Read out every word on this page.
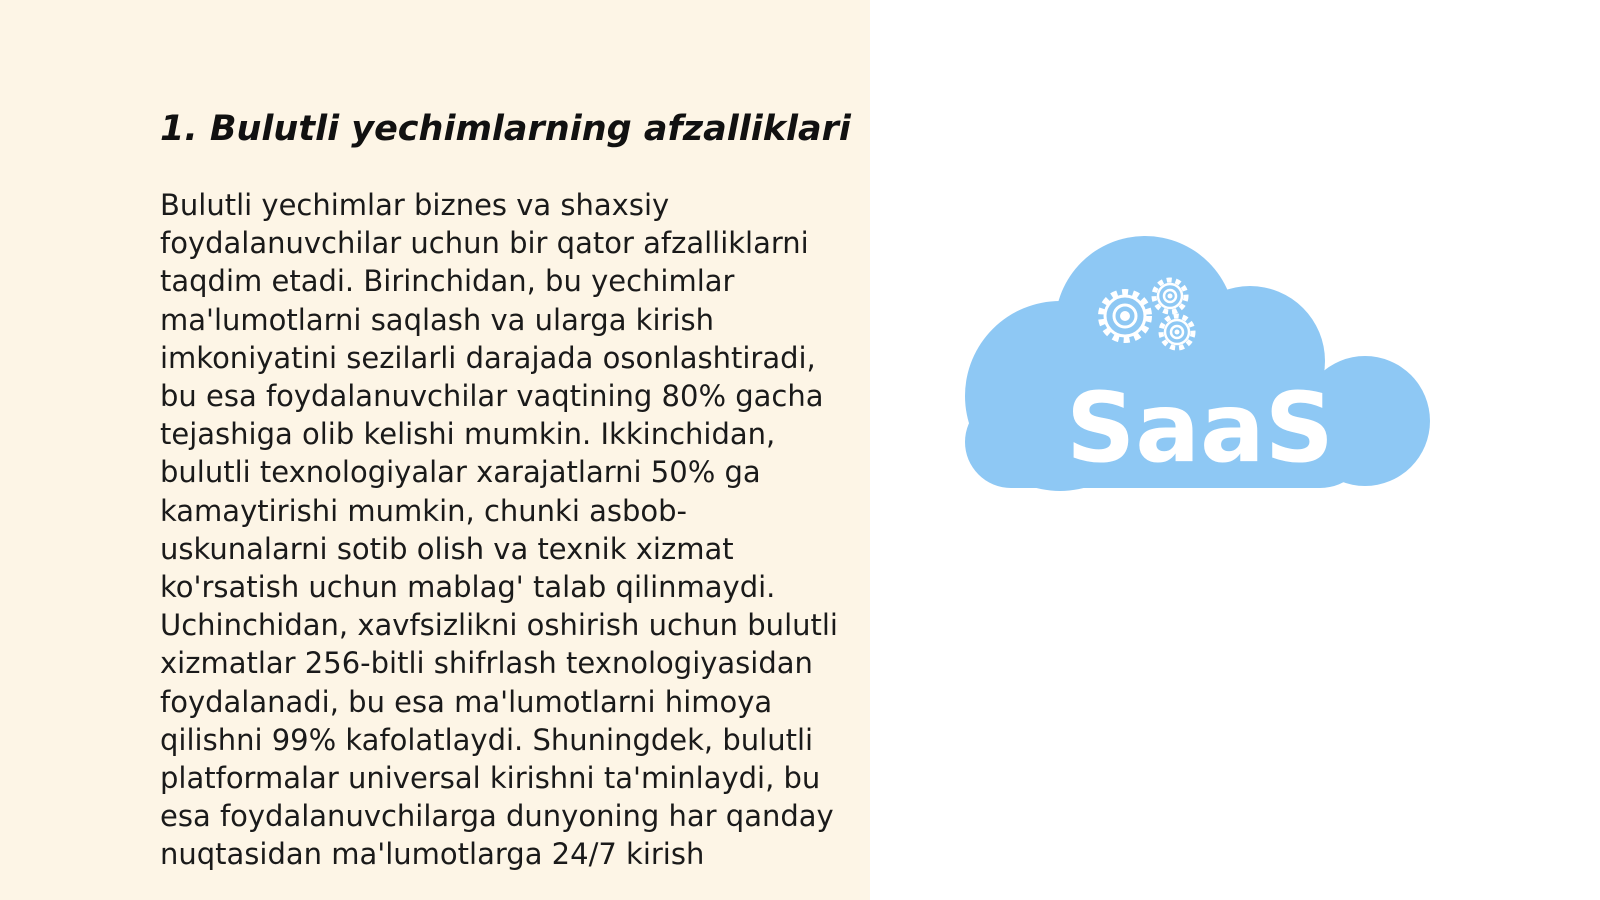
1. Bulutli yechimlarning afzalliklari

Bulutli yechimlar biznes va shaxsiy foydalanuvchilar uchun bir qator afzalliklarni taqdim etadi. Birinchidan, bu yechimlar ma'lumotlarni saqlash va ularga kirish imkoniyatini sezilarli darajada osonlashtiradi, bu esa foydalanuvchilar vaqtining 80% gacha tejashiga olib kelishi mumkin. Ikkinchidan, bulutli texnologiyalar xarajatlarni 50% ga kamaytirishi mumkin, chunki asbob-uskunalarni sotib olish va texnik xizmat ko'rsatish uchun mablag' talab qilinmaydi. Uchinchidan, xavfsizlikni oshirish uchun bulutli xizmatlar 256-bitli shifrlash texnologiyasidan foydalanadi, bu esa ma'lumotlarni himoya qilishni 99% kafolatlaydi. Shuningdek, bulutli platformalar universal kirishni ta'minlaydi, bu esa foydalanuvchilarga dunyoning har qanday nuqtasidan ma'lumotlarga 24/7 kirish

SaaS
